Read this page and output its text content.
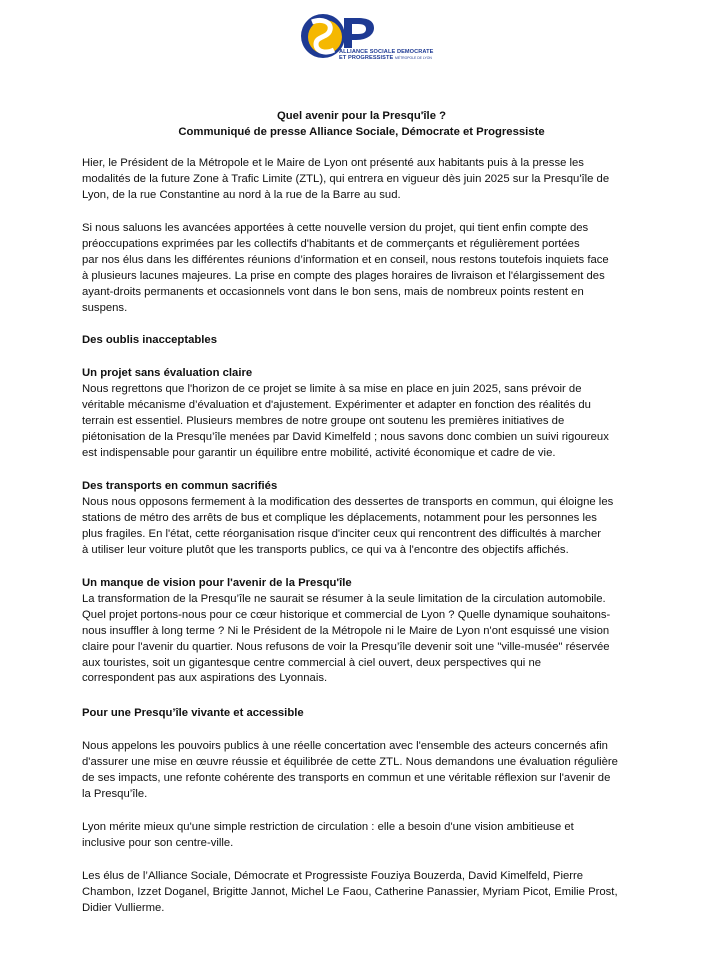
ALLIANCE SOCIALE DEMOCRATE
ET PROGRESSISTE MÉTROPOLE DE LYON
Quel avenir pour la Presqu'île ?
Communiqué de presse Alliance Sociale, Démocrate et Progressiste
Hier, le Président de la Métropole et le Maire de Lyon ont présenté aux habitants puis à la presse les
modalités de la future Zone à Trafic Limite (ZTL), qui entrera en vigueur dès juin 2025 sur la Presqu'île de
Lyon, de la rue Constantine au nord à la rue de la Barre au sud.
Si nous saluons les avancées apportées à cette nouvelle version du projet, qui tient enfin compte des
préoccupations exprimées par les collectifs d'habitants et de commerçants et régulièrement portées
par nos élus dans les différentes réunions d’information et en conseil, nous restons toutefois inquiets face
à plusieurs lacunes majeures. La prise en compte des plages horaires de livraison et l'élargissement des
ayant-droits permanents et occasionnels vont dans le bon sens, mais de nombreux points restent en
suspens.
Des oublis inacceptables
Un projet sans évaluation claire
Nous regrettons que l'horizon de ce projet se limite à sa mise en place en juin 2025, sans prévoir de
véritable mécanisme d’évaluation et d'ajustement. Expérimenter et adapter en fonction des réalités du
terrain est essentiel. Plusieurs membres de notre groupe ont soutenu les premières initiatives de
piétonisation de la Presqu’île menées par David Kimelfeld ; nous savons donc combien un suivi rigoureux
est indispensable pour garantir un équilibre entre mobilité, activité économique et cadre de vie.
Des transports en commun sacrifiés
Nous nous opposons fermement à la modification des dessertes de transports en commun, qui éloigne les
stations de métro des arrêts de bus et complique les déplacements, notamment pour les personnes les
plus fragiles. En l'état, cette réorganisation risque d'inciter ceux qui rencontrent des difficultés à marcher
à utiliser leur voiture plutôt que les transports publics, ce qui va à l'encontre des objectifs affichés.
Un manque de vision pour l'avenir de la Presqu'île
La transformation de la Presqu’île ne saurait se résumer à la seule limitation de la circulation automobile.
Quel projet portons-nous pour ce cœur historique et commercial de Lyon ? Quelle dynamique souhaitons-
nous insuffler à long terme ? Ni le Président de la Métropole ni le Maire de Lyon n'ont esquissé une vision
claire pour l'avenir du quartier. Nous refusons de voir la Presqu’île devenir soit une "ville-musée" réservée
aux touristes, soit un gigantesque centre commercial à ciel ouvert, deux perspectives qui ne
correspondent pas aux aspirations des Lyonnais.
Pour une Presqu’île vivante et accessible
Nous appelons les pouvoirs publics à une réelle concertation avec l'ensemble des acteurs concernés afin
d'assurer une mise en œuvre réussie et équilibrée de cette ZTL. Nous demandons une évaluation régulière
de ses impacts, une refonte cohérente des transports en commun et une véritable réflexion sur l'avenir de
la Presqu’île.
Lyon mérite mieux qu'une simple restriction de circulation : elle a besoin d'une vision ambitieuse et
inclusive pour son centre-ville.
Les élus de l’Alliance Sociale, Démocrate et Progressiste Fouziya Bouzerda, David Kimelfeld, Pierre
Chambon, Izzet Doganel, Brigitte Jannot, Michel Le Faou, Catherine Panassier, Myriam Picot, Emilie Prost,
Didier Vullierme.
